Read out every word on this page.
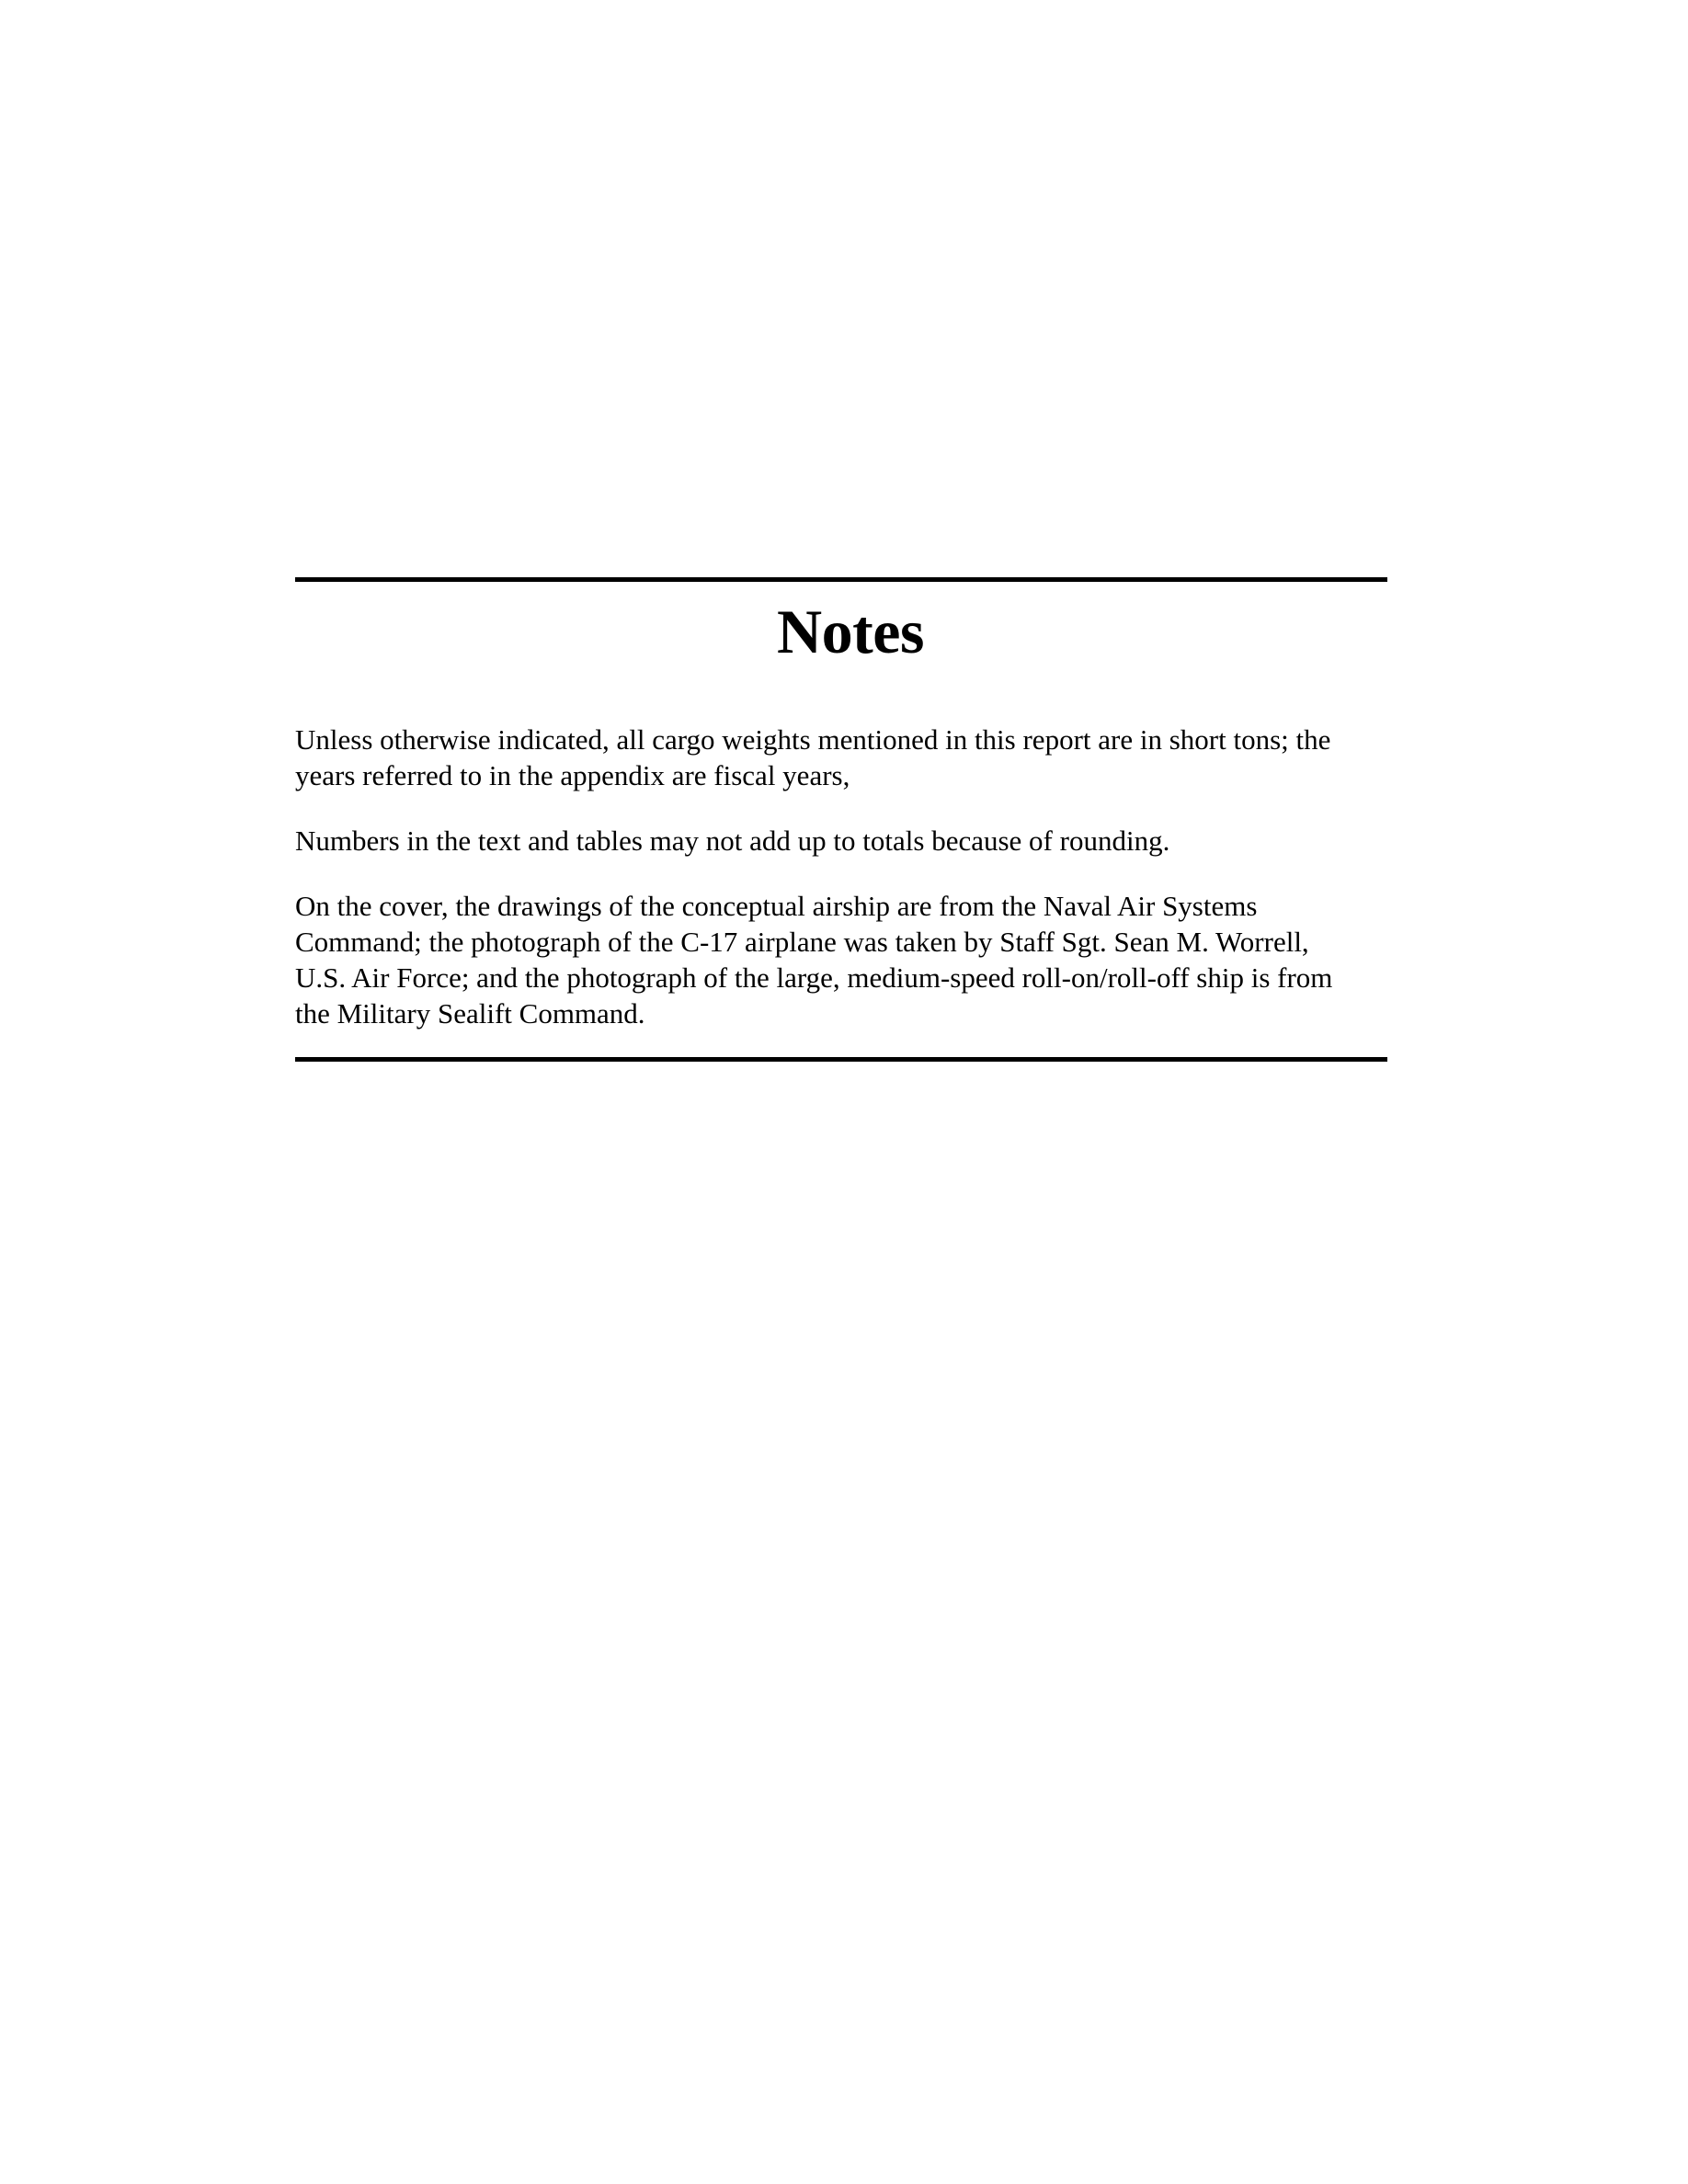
Notes

Unless otherwise indicated, all cargo weights mentioned in this report are in short tons; the
years referred to in the appendix are fiscal years,

Numbers in the text and tables may not add up to totals because of rounding.

On the cover, the drawings of the conceptual airship are from the Naval Air Systems
Command; the photograph of the C-17 airplane was taken by Staff Sgt. Sean M. Worrell,
U.S. Air Force; and the photograph of the large, medium-speed roll-on/roll-off ship is from
the Military Sealift Command.
